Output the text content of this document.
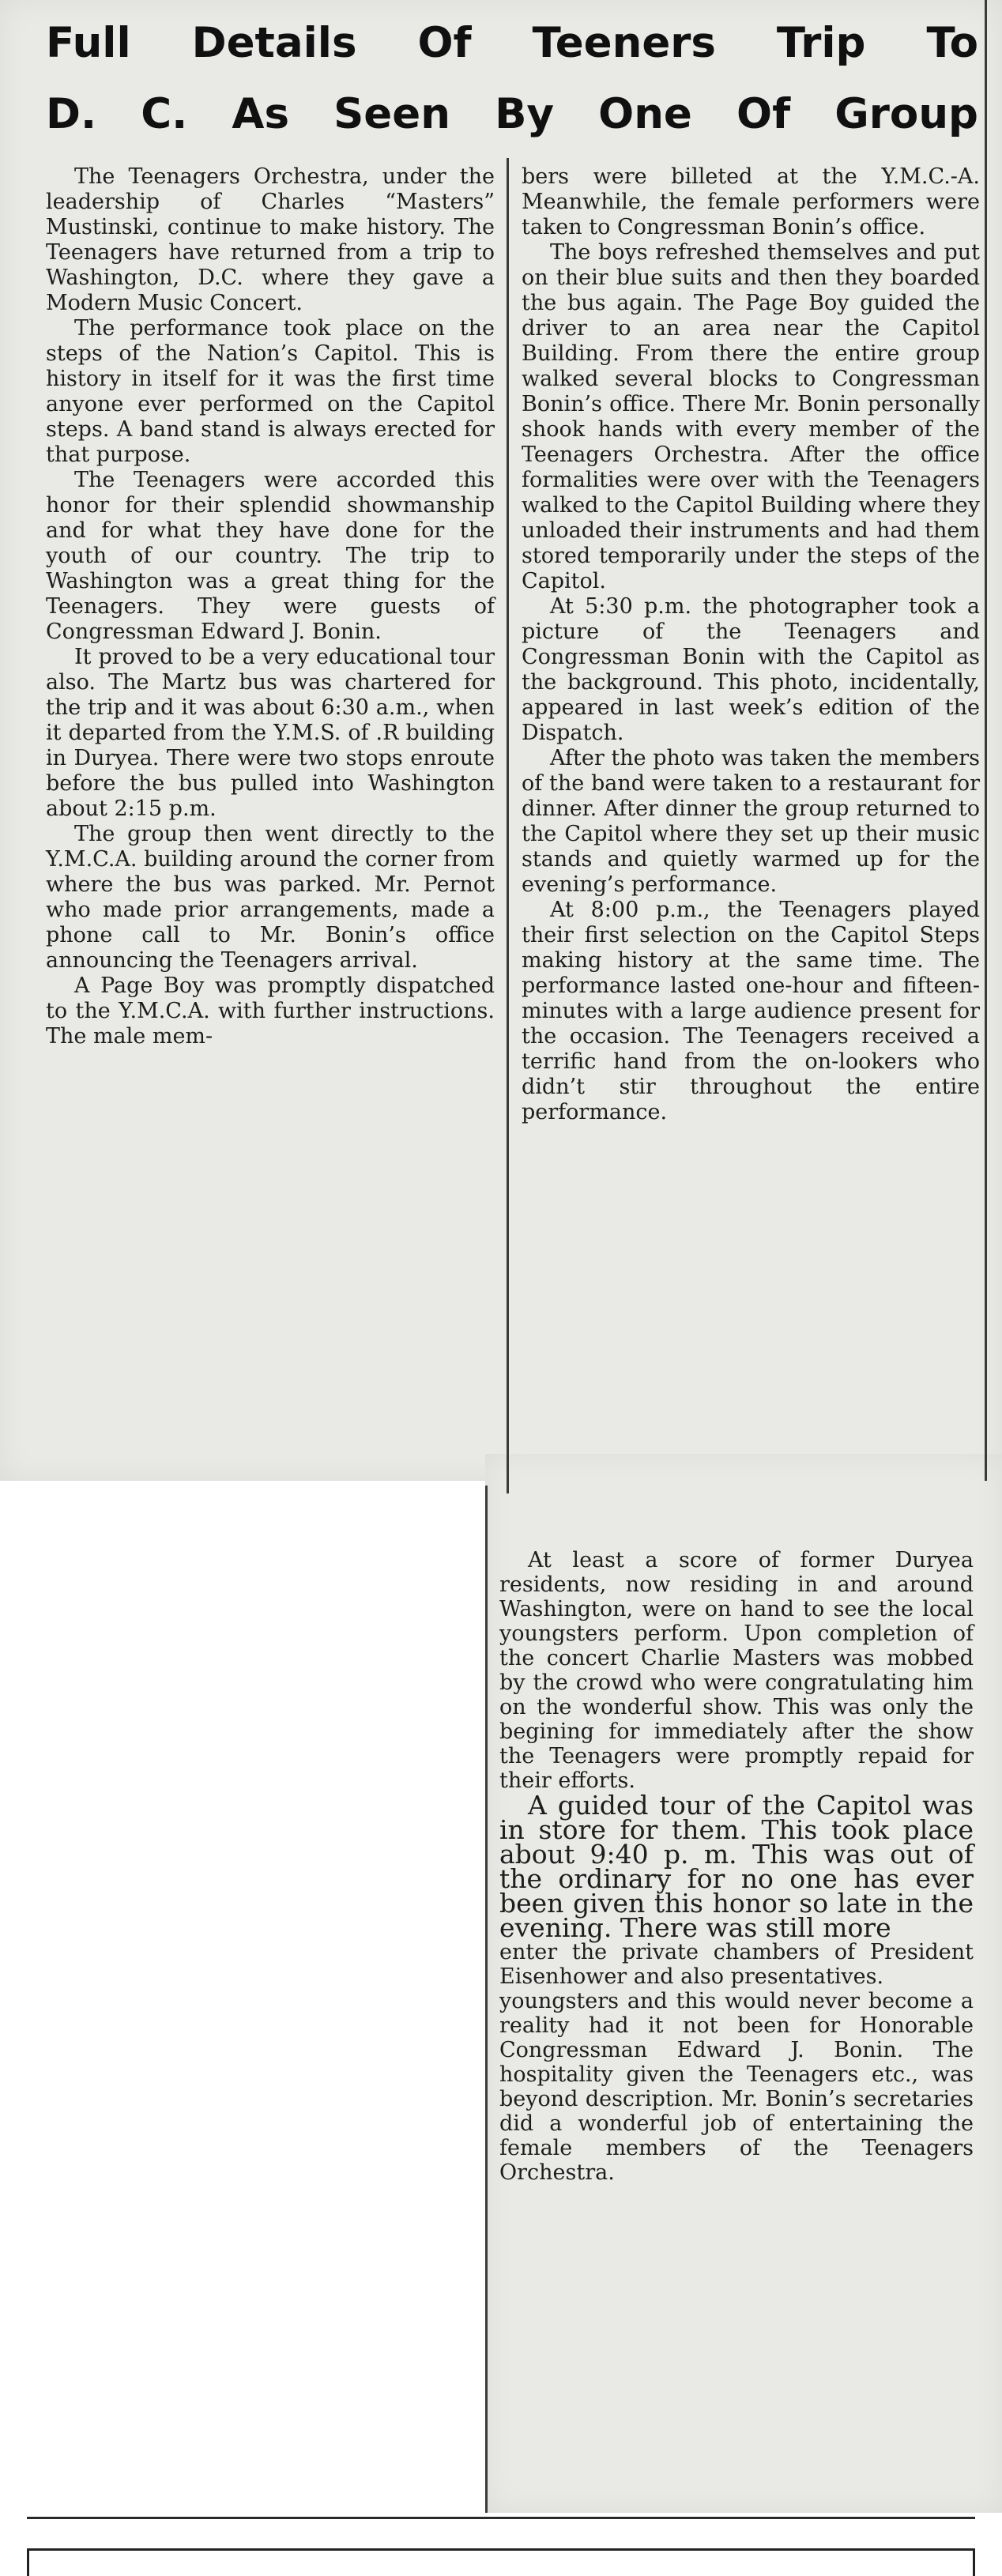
Full Details Of Teeners Trip To
D. C. As Seen By One Of Group

The Teenagers Orchestra, under the leadership of Charles “Masters” Mustinski, continue to make history. The Teenagers have returned from a trip to Washington, D.C. where they gave a Modern Music Concert.

The performance took place on the steps of the Nation’s Capitol. This is history in itself for it was the first time anyone ever performed on the Capitol steps. A band stand is always erected for that purpose.

The Teenagers were accorded this honor for their splendid showmanship and for what they have done for the youth of our country. The trip to Washington was a great thing for the Teenagers. They were guests of Congressman Edward J. Bonin.

It proved to be a very educational tour also. The Martz bus was chartered for the trip and it was about 6:30 a.m., when it departed from the Y.M.S. of .R building in Duryea. There were two stops enroute before the bus pulled into Washington about 2:15 p.m.

The group then went directly to the Y.M.C.A. building around the corner from where the bus was parked. Mr. Pernot who made prior arrangements, made a phone call to Mr. Bonin’s office announcing the Teenagers arrival.

A Page Boy was promptly dispatched to the Y.M.C.A. with further instructions. The male mem-

bers were billeted at the Y.M.C.-A. Meanwhile, the female performers were taken to Congressman Bonin’s office.

The boys refreshed themselves and put on their blue suits and then they boarded the bus again. The Page Boy guided the driver to an area near the Capitol Building. From there the entire group walked several blocks to Congressman Bonin’s office. There Mr. Bonin personally shook hands with every member of the Teenagers Orchestra. After the office formalities were over with the Teenagers walked to the Capitol Building where they unloaded their instruments and had them stored temporarily under the steps of the Capitol.

At 5:30 p.m. the photographer took a picture of the Teenagers and Congressman Bonin with the Capitol as the background. This photo, incidentally, appeared in last week’s edition of the Dispatch.

After the photo was taken the members of the band were taken to a restaurant for dinner. After dinner the group returned to the Capitol where they set up their music stands and quietly warmed up for the evening’s performance.

At 8:00 p.m., the Teenagers played their first selection on the Capitol Steps making history at the same time. The performance lasted one-hour and fifteen-minutes with a large audience present for the occasion. The Teenagers received a terrific hand from the on-lookers who didn’t stir throughout the entire performance.

At least a score of former Duryea residents, now residing in and around Washington, were on hand to see the local youngsters perform. Upon completion of the concert Charlie Masters was mobbed by the crowd who were congratulating him on the wonderful show. This was only the begining for immediately after the show the Teenagers were promptly repaid for their efforts.

A guided tour of the Capitol was in store for them. This took place about 9:40 p. m. This was out of the ordinary for no one has ever been given this honor so late in the evening. There was still more

enter the private chambers of President Eisenhower and also presentatives.

youngsters and this would never become a reality had it not been for Honorable Congressman Edward J. Bonin. The hospitality given the Teenagers etc., was beyond description. Mr. Bonin’s secretaries did a wonderful job of entertaining the female members of the Teenagers Orchestra.
